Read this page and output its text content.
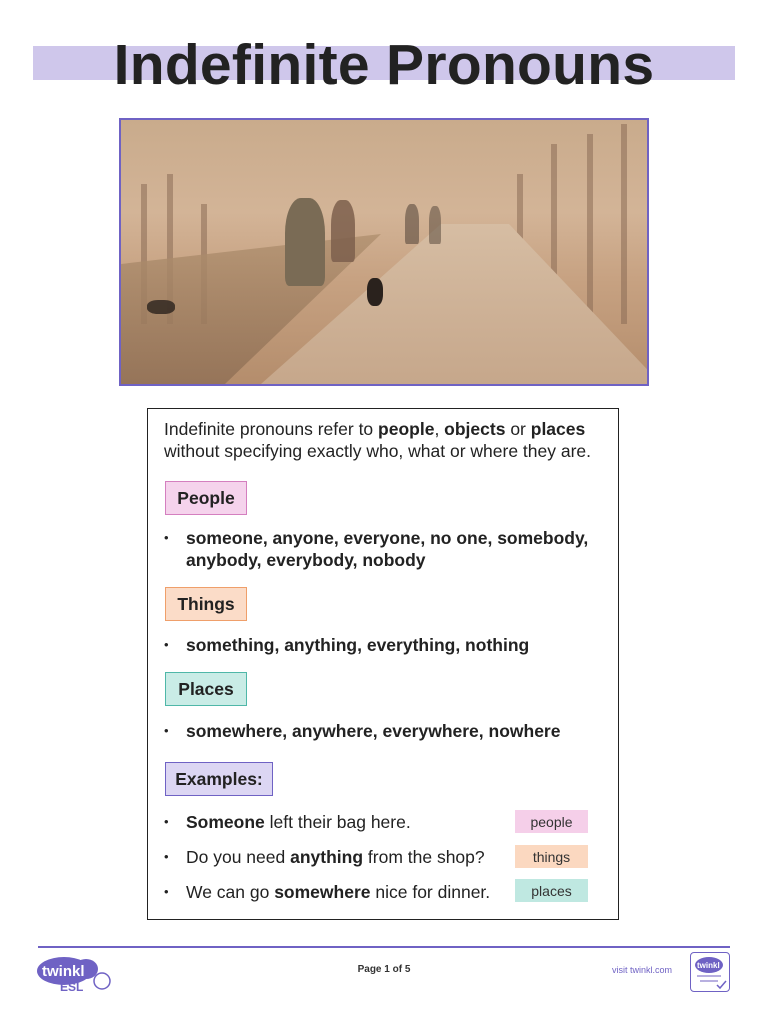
Indefinite Pronouns
Indefinite pronouns refer to people, objects or places without specifying exactly who, what or where they are.
People
• someone, anyone, everyone, no one, somebody, anybody, everybody, nobody
Things
• something, anything, everything, nothing
Places
• somewhere, anywhere, everywhere, nowhere
Examples:
• Someone left their bag here.	people
• Do you need anything from the shop?	things
• We can go somewhere nice for dinner.	places
twinkl
ESL
Page 1 of 5	visit twinkl.com	twinkl
